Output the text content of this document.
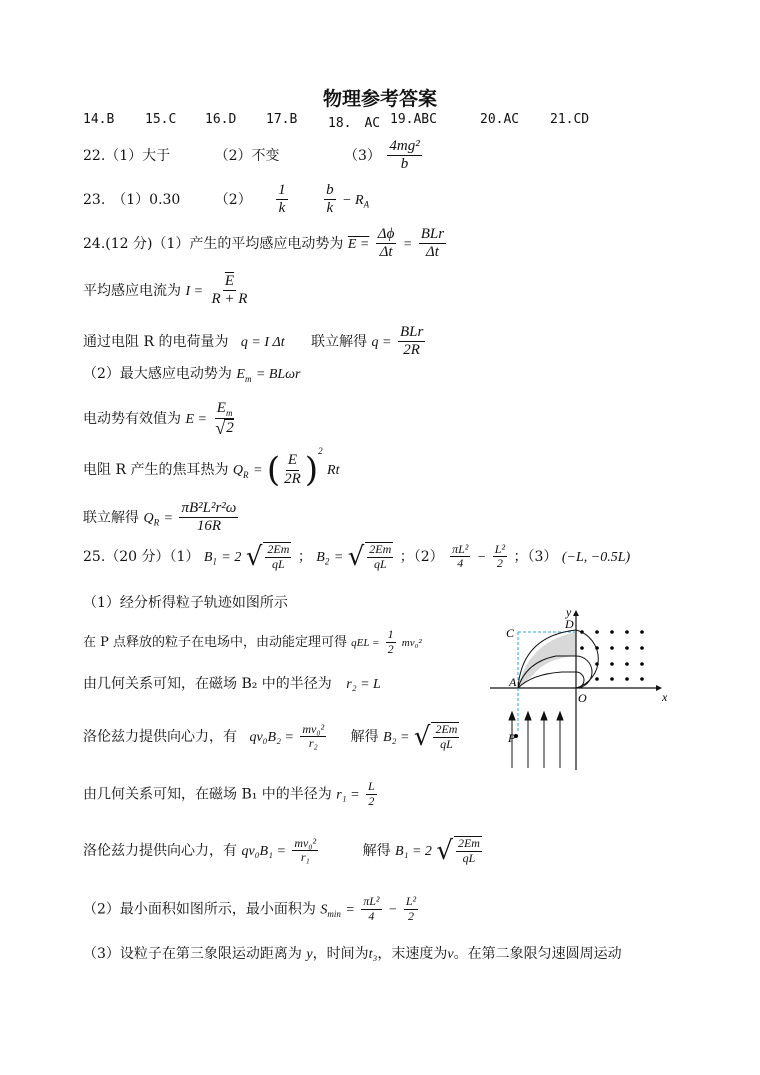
物理参考答案
14.B 15.C 16.D 17.B 18.　AC 19.ABC	20.AC 21.CD
22.（1）大于	（2）不变	$(3) \frac{\text{4mg²}}{b}$
23.　（1）0.30 $(2) \frac{1}{k}$
$\frac{b}{k} - R_A$
24.(12 分)（1）产生的平均感应电动势为 $E = \frac{\Delta\phi}{\Delta t} = \frac{\text{BLr}}{\Delta t}$
平均感应电流为 $I = \frac{\overline{E}}{R + R}$
通过电阻 R 的电荷量为 q = I Δt 联立解得 $q = \frac{\text{BLr}}{2R}$
（2）最大感应电动势为 $E_m = BL\omega r$
电动势有效值为 $E = \frac{E_m}{√ 2}$
电阻 R 产生的焦耳热为 $Q_R$ = ( $\frac{E}{2R} )^2$ Rt
联立解得 $Q_R = \frac{\text{πB²L²r²ω}}{16R}$
25.（20 分）（1） $B_1 = 2$ √ $\frac{2Em}{qL}$ ； $B_2$ = √ $\frac{2Em}{qL}$ ；$(2) \frac{\text{πL²}}{4} - \frac{\text{L²}}{2}$ ；（3） (−L, −0.5L)
（1）经分析得粒子轨迹如图所示
在 P 点释放的粒子在电场中，由动能定理可得 qEL = $\frac{1}{2} mv_0^2$
由几何关系可知，在磁场 B₂ 中的半径为 r₂ = L
洛伦兹力提供向心力，有 $qv_0B_2 = \frac{\text{mv₀²}}{\text{r₂}}$ 解得 B₂ = √ $\frac{2Em}{qL}$
由几何关系可知，在磁场 B₁ 中的半径为 $r_1 = \frac{L}{2}$
洛伦兹力提供向心力，有 $qv_0B_1 = \frac{\text{mv₀²}}{\text{r₁}}$	解得 B₁ = 2 √ $\frac{2Em}{qL}$
（2）最小面积如图所示，最小面积为 $S_{min} = \frac{\text{πL²}}{4} - \frac{\text{L²}}{2}$
（3）设粒子在第三象限运动距离为 y，时间为t₃，末速度为v。在第二象限匀速圆周运动
y
x
C
D
A
O
P
